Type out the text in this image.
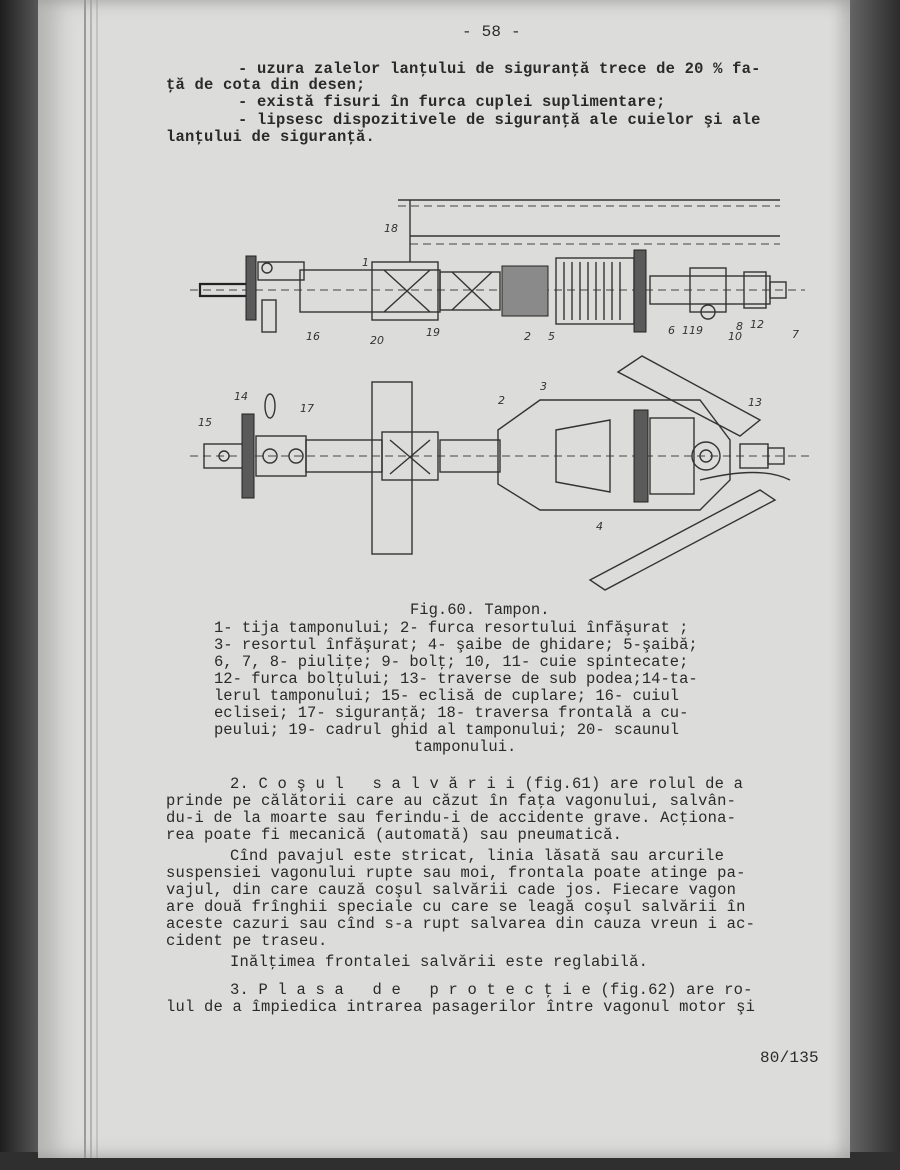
- 58 -
- uzura zalelor lanţului de siguranţă trece de 20 % fa-
ţă de cota din desen;
- există fisuri în furca cuplei suplimentare;
- lipsesc dispozitivele de siguranţă ale cuielor şi ale
lanţului de siguranţă.
18
1
16	20
19	2 5	6 11 9 10
8 12
7
14
17
15
2
3
13
4
Fig.60. Tampon.
1- tija tamponului; 2- furca resortului înfăşurat ;
3- resortul înfăşurat; 4- şaibe de ghidare; 5-şaibă;
6, 7, 8- piuliţe; 9- bolţ; 10, 11- cuie spintecate;
12- furca bolţului; 13- traverse de sub podea;14-ta-
lerul tamponului; 15- eclisă de cuplare; 16- cuiul
eclisei; 17- siguranţă; 18- traversa frontală a cu-
peului; 19- cadrul ghid al tamponului; 20- scaunul
tamponului.
2. C o ş u l   s a l v ă r i i (fig.61) are rolul de a
prinde pe călătorii care au căzut în faţa vagonului, salvân-
du-i de la moarte sau ferindu-i de accidente grave. Acţiona-
rea poate fi mecanică (automată) sau pneumatică.
Cînd pavajul este stricat, linia lăsată sau arcurile
suspensiei vagonului rupte sau moi, frontala poate atinge pa-
vajul, din care cauză coşul salvării cade jos. Fiecare vagon
are două frînghii speciale cu care se leagă coşul salvării în
aceste cazuri sau cînd s-a rupt salvarea din cauza vreun i ac-
cident pe traseu.
Inălţimea frontalei salvării este reglabilă.
3. P l a s a   d e   p r o t e c ţ i e (fig.62) are ro-
lul de a împiedica intrarea pasagerilor între vagonul motor şi
80/135
